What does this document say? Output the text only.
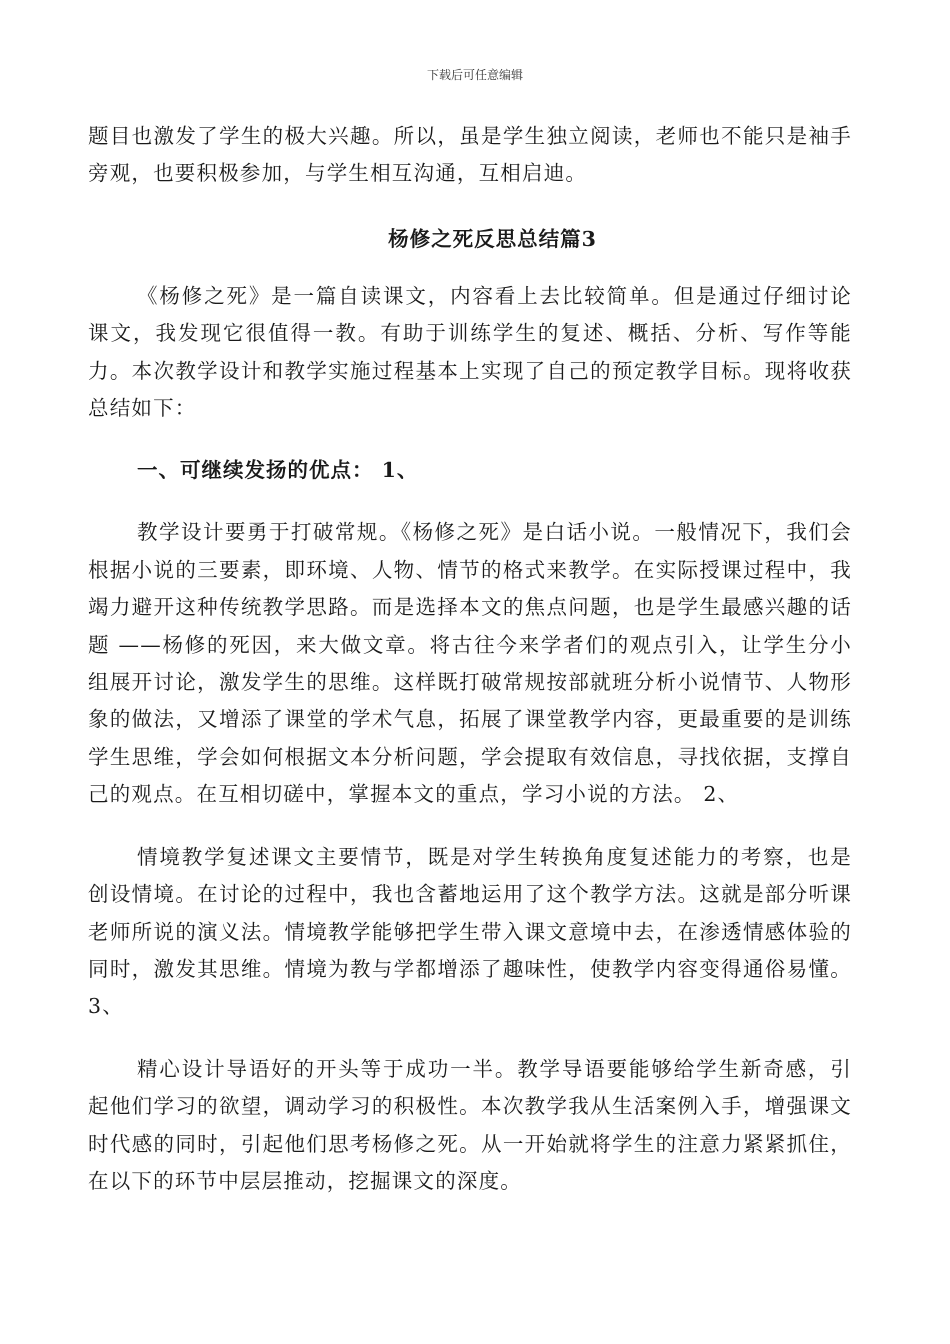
下载后可任意编辑

题目也激发了学生的极大兴趣。所以，虽是学生独立阅读，老师也不能只是袖手旁观，也要积极参加，与学生相互沟通，互相启迪。

杨修之死反思总结篇3

《杨修之死》是一篇自读课文，内容看上去比较简单。但是通过仔细讨论课文，我发现它很值得一教。有助于训练学生的复述、概括、分析、写作等能力。本次教学设计和教学实施过程基本上实现了自己的预定教学目标。现将收获总结如下：

一、可继续发扬的优点： 1、

教学设计要勇于打破常规。《杨修之死》是白话小说。一般情况下，我们会根据小说的三要素，即环境、人物、情节的格式来教学。在实际授课过程中，我竭力避开这种传统教学思路。而是选择本文的焦点问题，也是学生最感兴趣的话题 ——杨修的死因，来大做文章。将古往今来学者们的观点引入，让学生分小组展开讨论，激发学生的思维。这样既打破常规按部就班分析小说情节、人物形象的做法，又增添了课堂的学术气息，拓展了课堂教学内容，更最重要的是训练学生思维，学会如何根据文本分析问题，学会提取有效信息，寻找依据，支撑自己的观点。在互相切磋中，掌握本文的重点，学习小说的方法。 2、

情境教学复述课文主要情节，既是对学生转换角度复述能力的考察，也是创设情境。在讨论的过程中，我也含蓄地运用了这个教学方法。这就是部分听课老师所说的演义法。情境教学能够把学生带入课文意境中去，在渗透情感体验的同时，激发其思维。情境为教与学都增添了趣味性，使教学内容变得通俗易懂。 3、

精心设计导语好的开头等于成功一半。教学导语要能够给学生新奇感，引起他们学习的欲望，调动学习的积极性。本次教学我从生活案例入手，增强课文时代感的同时，引起他们思考杨修之死。从一开始就将学生的注意力紧紧抓住，在以下的环节中层层推动，挖掘课文的深度。
